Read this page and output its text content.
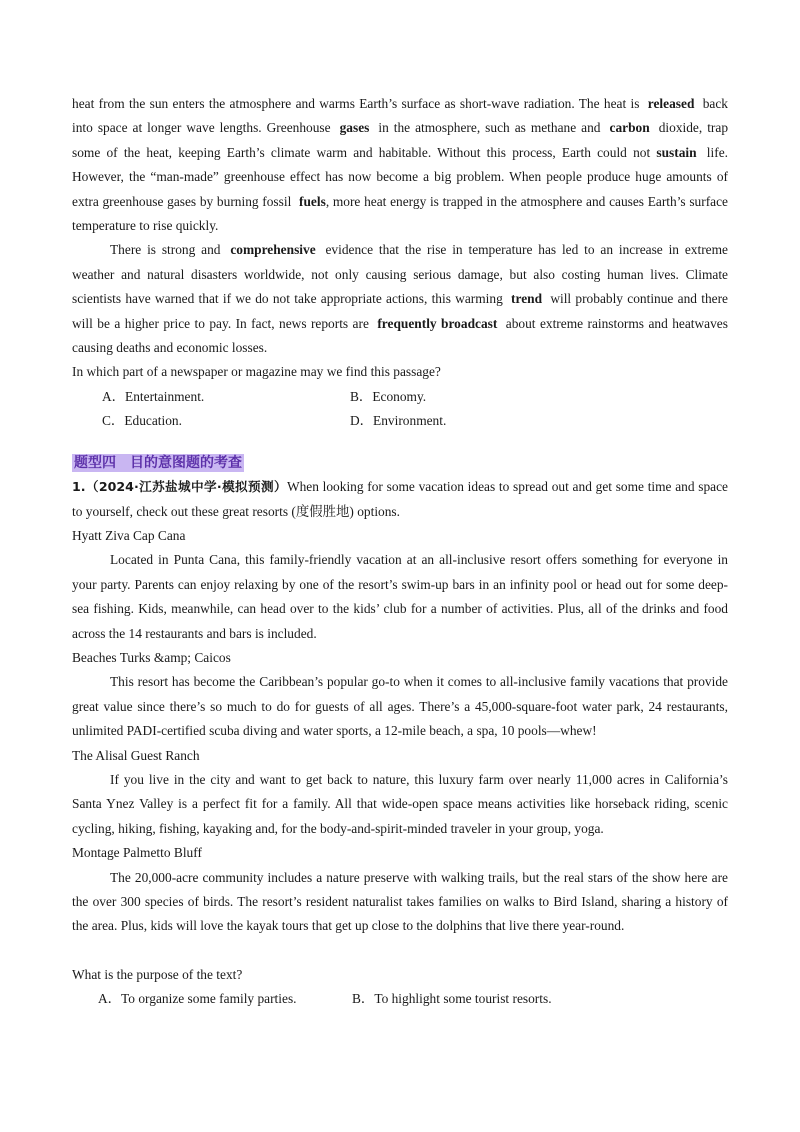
heat from the sun enters the atmosphere and warms Earth’s surface as short-wave radiation. The heat is released back into space at longer wave lengths. Greenhouse gases in the atmosphere, such as methane and carbon dioxide, trap some of the heat, keeping Earth’s climate warm and habitable. Without this process, Earth could not sustain life. However, the “man-made” greenhouse effect has now become a big problem. When people produce huge amounts of extra greenhouse gases by burning fossil fuels, more heat energy is trapped in the atmosphere and causes Earth’s surface temperature to rise quickly.

There is strong and comprehensive evidence that the rise in temperature has led to an increase in extreme weather and natural disasters worldwide, not only causing serious damage, but also costing human lives. Climate scientists have warned that if we do not take appropriate actions, this warming trend will probably continue and there will be a higher price to pay. In fact, news reports are frequently broadcast about extreme rainstorms and heatwaves causing deaths and economic losses.

In which part of a newspaper or magazine may we find this passage?

A．Entertainment.	B．Economy.
C．Education.	D．Environment.
题型四　目的意图题的考查

1.（2024·江苏盐城中学·模拟预测）When looking for some vacation ideas to spread out and get some time and space to yourself, check out these great resorts (度假胜地) options.

Hyatt Ziva Cap Cana

Located in Punta Cana, this family-friendly vacation at an all-inclusive resort offers something for everyone in your party. Parents can enjoy relaxing by one of the resort’s swim-up bars in an infinity pool or head out for some deep-sea fishing. Kids, meanwhile, can head over to the kids’ club for a number of activities. Plus, all of the drinks and food across the 14 restaurants and bars is included.

Beaches Turks &amp; Caicos

This resort has become the Caribbean’s popular go-to when it comes to all-inclusive family vacations that provide great value since there’s so much to do for guests of all ages. There’s a 45,000-square-foot water park, 24 restaurants, unlimited PADI-certified scuba diving and water sports, a 12-mile beach, a spa, 10 pools—whew!

The Alisal Guest Ranch

If you live in the city and want to get back to nature, this luxury farm over nearly 11,000 acres in California’s Santa Ynez Valley is a perfect fit for a family. All that wide-open space means activities like horseback riding, scenic cycling, hiking, fishing, kayaking and, for the body-and-spirit-minded traveler in your group, yoga.

Montage Palmetto Bluff

The 20,000-acre community includes a nature preserve with walking trails, but the real stars of the show here are the over 300 species of birds. The resort’s resident naturalist takes families on walks to Bird Island, sharing a history of the area. Plus, kids will love the kayak tours that get up close to the dolphins that live there year-round.

What is the purpose of the text?

A．To organize some family parties.	B．To highlight some tourist resorts.
